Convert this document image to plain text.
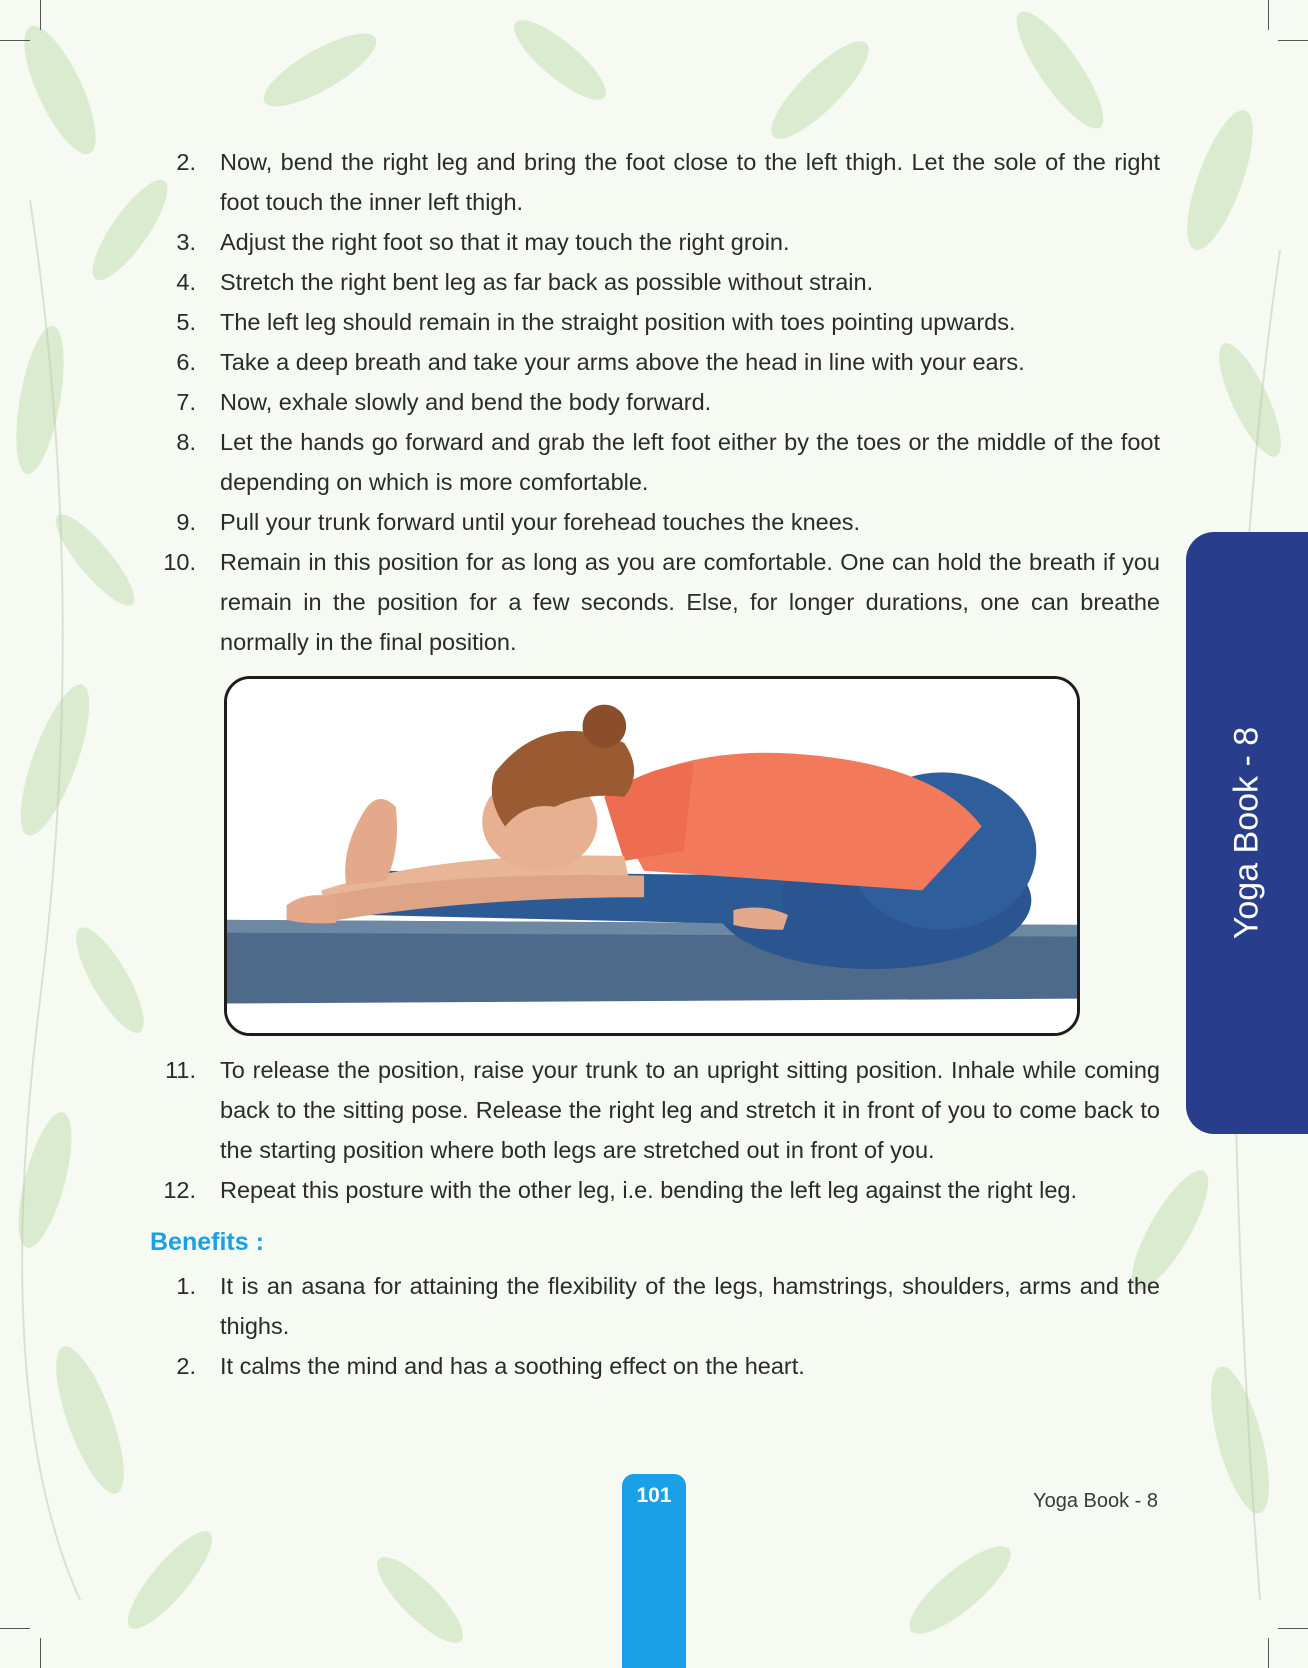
2. Now, bend the right leg and bring the foot close to the left thigh. Let the sole of the right foot touch the inner left thigh.
3. Adjust the right foot so that it may touch the right groin.
4. Stretch the right bent leg as far back as possible without strain.
5. The left leg should remain in the straight position with toes pointing upwards.
6. Take a deep breath and take your arms above the head in line with your ears.
7. Now, exhale slowly and bend the body forward.
8. Let the hands go forward and grab the left foot either by the toes or the middle of the foot depending on which is more comfortable.
9. Pull your trunk forward until your forehead touches the knees.
10. Remain in this position for as long as you are comfortable. One can hold the breath if you remain in the position for a few seconds. Else, for longer durations, one can breathe normally in the final position.
11. To release the position, raise your trunk to an upright sitting position. Inhale while coming back to the sitting pose. Release the right leg and stretch it in front of you to come back to the starting position where both legs are stretched out in front of you.
12. Repeat this posture with the other leg, i.e. bending the left leg against the right leg.
Benefits :
1. It is an asana for attaining the flexibility of the legs, hamstrings, shoulders, arms and the thighs.
2. It calms the mind and has a soothing effect on the heart.
Yoga Book - 8
101	Yoga Book - 8
